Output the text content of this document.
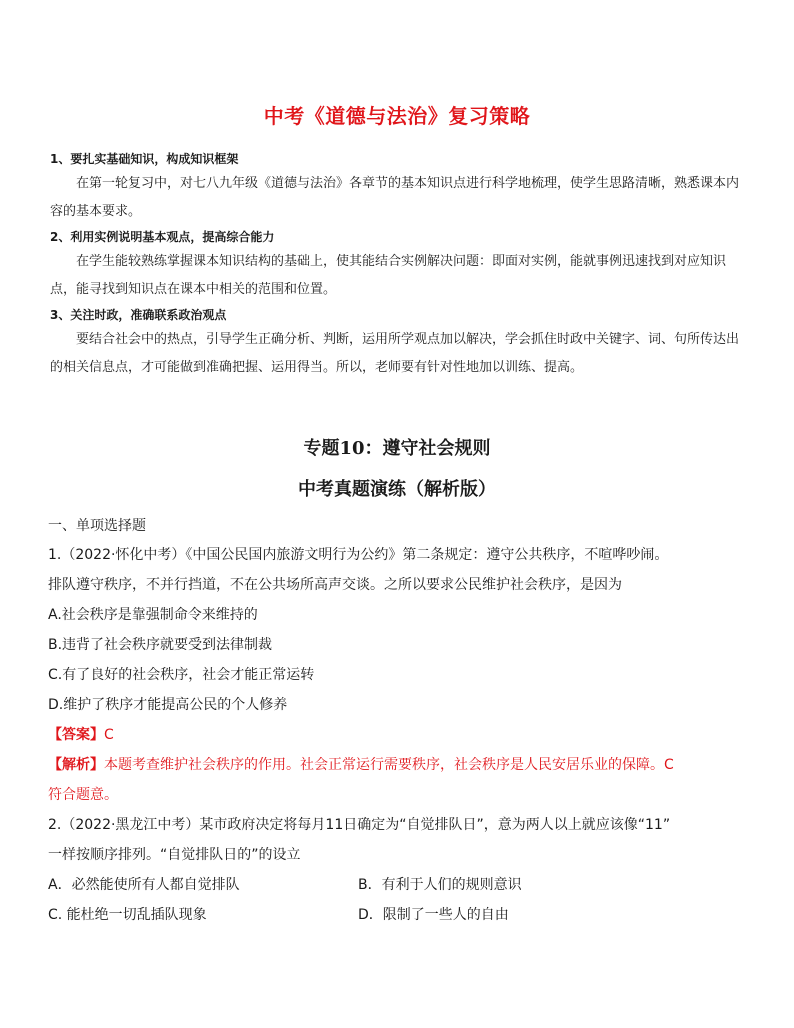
中考《道德与法治》复习策略

1、要扎实基础知识，构成知识框架

在第一轮复习中，对七八九年级《道德与法治》各章节的基本知识点进行科学地梳理，使学生思路清晰，熟悉课本内容的基本要求。

2、利用实例说明基本观点，提高综合能力

在学生能较熟练掌握课本知识结构的基础上，使其能结合实例解决问题：即面对实例，能就事例迅速找到对应知识点，能寻找到知识点在课本中相关的范围和位置。

3、关注时政，准确联系政治观点

要结合社会中的热点，引导学生正确分析、判断，运用所学观点加以解决，学会抓住时政中关键字、词、句所传达出的相关信息点，才可能做到准确把握、运用得当。所以，老师要有针对性地加以训练、提高。

专题10：遵守社会规则
中考真题演练（解析版）

一、单项选择题

1.（2022·怀化中考）《中国公民国内旅游文明行为公约》第二条规定：遵守公共秩序，不喧哗吵闹。

排队遵守秩序，不并行挡道，不在公共场所高声交谈。之所以要求公民维护社会秩序，是因为

A.社会秩序是靠强制命令来维持的

B.违背了社会秩序就要受到法律制裁

C.有了良好的社会秩序，社会才能正常运转

D.维护了秩序才能提高公民的个人修养

【答案】C

【解析】本题考查维护社会秩序的作用。社会正常运行需要秩序，社会秩序是人民安居乐业的保障。C

符合题意。

2.（2022·黑龙江中考）某市政府决定将每月11日确定为“自觉排队日”，意为两人以上就应该像“11”

一样按顺序排列。“自觉排队日的”的设立

A．必然能使所有人都自觉排队	B．有利于人们的规则意识
C. 能杜绝一切乱插队现象	D．限制了一些人的自由
